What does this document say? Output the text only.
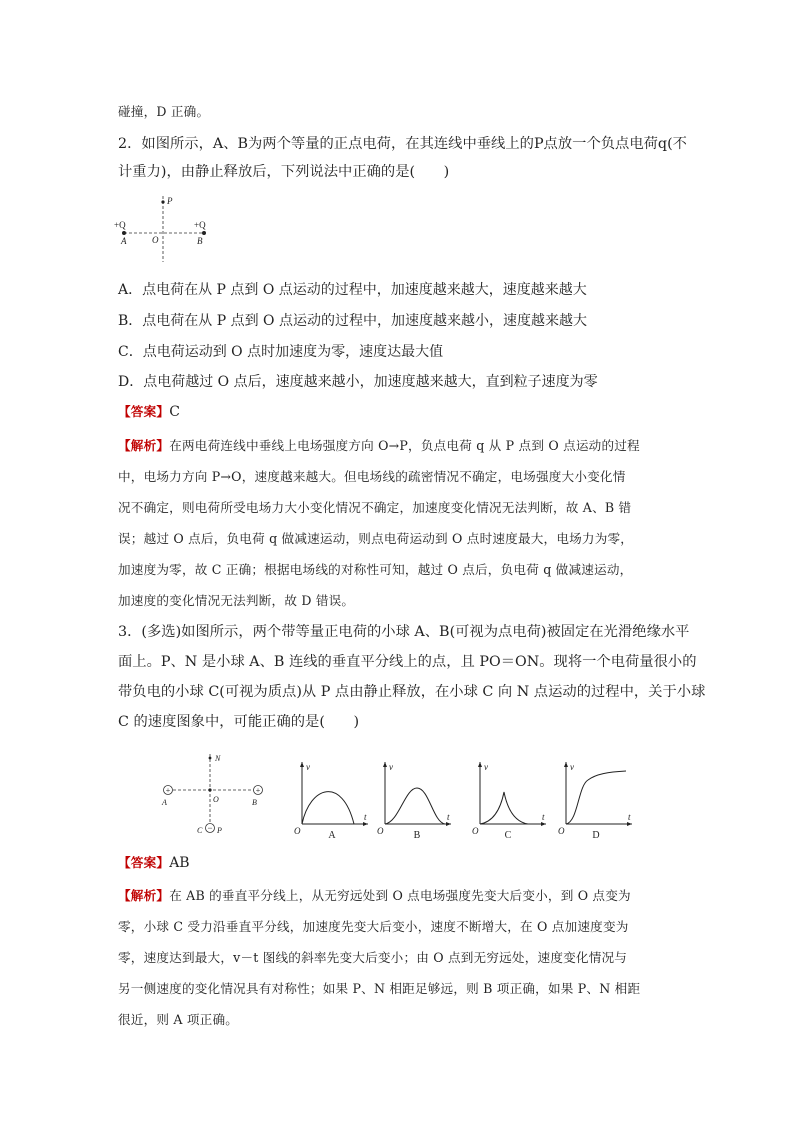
碰撞，D 正确。
2．如图所示，A、B为两个等量的正点电荷，在其连线中垂线上的P点放一个负点电荷q(不
计重力)，由静止释放后，下列说法中正确的是(　　)
+Q	+Q
A	B
O
P
A．点电荷在从 P 点到 O 点运动的过程中，加速度越来越大，速度越来越大
B．点电荷在从 P 点到 O 点运动的过程中，加速度越来越小，速度越来越大
C．点电荷运动到 O 点时加速度为零，速度达最大值
D．点电荷越过 O 点后，速度越来越小，加速度越来越大，直到粒子速度为零
【答案】C
【解析】在两电荷连线中垂线上电场强度方向 O→P，负点电荷 q 从 P 点到 O 点运动的过程
中，电场力方向 P→O，速度越来越大。但电场线的疏密情况不确定，电场强度大小变化情
况不确定，则电荷所受电场力大小变化情况不确定，加速度变化情况无法判断，故 A、B 错
误；越过 O 点后，负电荷 q 做减速运动，则点电荷运动到 O 点时速度最大，电场力为零，
加速度为零，故 C 正确；根据电场线的对称性可知，越过 O 点后，负电荷 q 做减速运动，
加速度的变化情况无法判断，故 D 错误。
3．(多选)如图所示，两个带等量正电荷的小球 A、B(可视为点电荷)被固定在光滑绝缘水平
面上。P、N 是小球 A、B 连线的垂直平分线上的点，且 PO＝ON。现将一个电荷量很小的
带负电的小球 C(可视为质点)从 P 点由静止释放，在小球 C 向 N 点运动的过程中，关于小球
C 的速度图象中，可能正确的是(　　)
+	+
−
N
A	B
O
C P
v
t
O	A
v
t
O	B
v
t
O	C
v
t
O	D
【答案】AB
【解析】在 AB 的垂直平分线上，从无穷远处到 O 点电场强度先变大后变小，到 O 点变为
零，小球 C 受力沿垂直平分线，加速度先变大后变小，速度不断增大，在 O 点加速度变为
零，速度达到最大，v－t 图线的斜率先变大后变小；由 O 点到无穷远处，速度变化情况与
另一侧速度的变化情况具有对称性；如果 P、N 相距足够远，则 B 项正确，如果 P、N 相距
很近，则 A 项正确。
